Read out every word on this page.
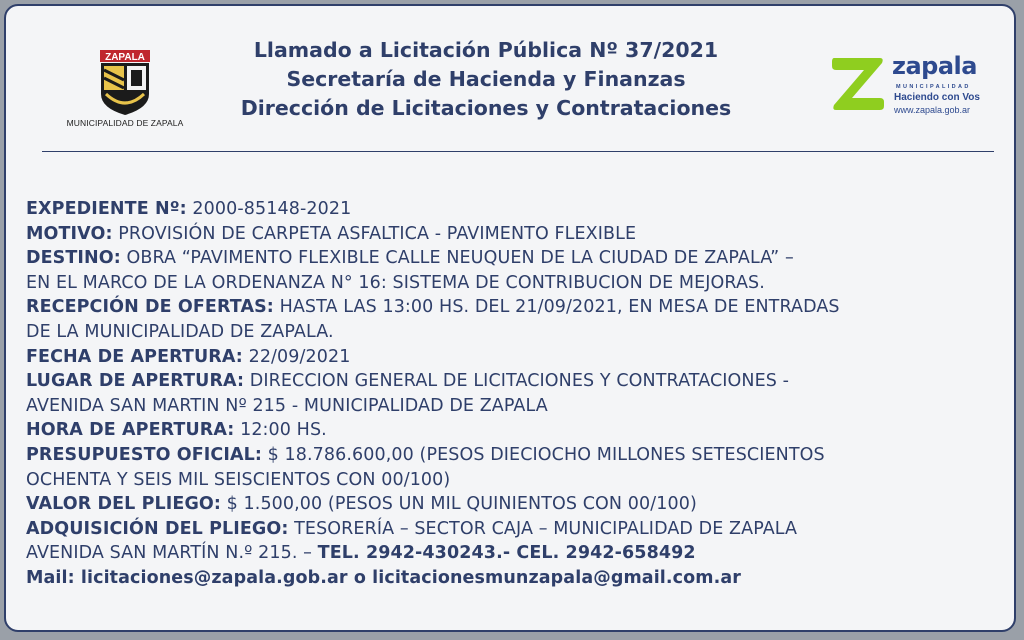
ZAPALA
MUNICIPALIDAD DE ZAPALA
Llamado a Licitación Pública Nº 37/2021
Secretaría de Hacienda y Finanzas
Dirección de Licitaciones y Contrataciones
zapala
MUNICIPALIDAD
Haciendo con Vos
www.zapala.gob.ar
EXPEDIENTE Nº: 2000-85148-2021
MOTIVO: PROVISIÓN DE CARPETA ASFALTICA - PAVIMENTO FLEXIBLE
DESTINO: OBRA “PAVIMENTO FLEXIBLE CALLE NEUQUEN DE LA CIUDAD DE ZAPALA” –
EN EL MARCO DE LA ORDENANZA N° 16: SISTEMA DE CONTRIBUCION DE MEJORAS.
RECEPCIÓN DE OFERTAS: HASTA LAS 13:00 HS. DEL 21/09/2021, EN MESA DE ENTRADAS
DE LA MUNICIPALIDAD DE ZAPALA.
FECHA DE APERTURA: 22/09/2021
LUGAR DE APERTURA: DIRECCION GENERAL DE LICITACIONES Y CONTRATACIONES -
AVENIDA SAN MARTIN Nº 215 - MUNICIPALIDAD DE ZAPALA
HORA DE APERTURA: 12:00 HS.
PRESUPUESTO OFICIAL: $ 18.786.600,00 (PESOS DIECIOCHO MILLONES SETESCIENTOS
OCHENTA Y SEIS MIL SEISCIENTOS CON 00/100)
VALOR DEL PLIEGO: $ 1.500,00 (PESOS UN MIL QUINIENTOS CON 00/100)
ADQUISICIÓN DEL PLIEGO: TESORERÍA – SECTOR CAJA – MUNICIPALIDAD DE ZAPALA
AVENIDA SAN MARTÍN N.º 215. – TEL. 2942-430243.- CEL. 2942-658492
Mail: licitaciones@zapala.gob.ar o licitacionesmunzapala@gmail.com.ar
